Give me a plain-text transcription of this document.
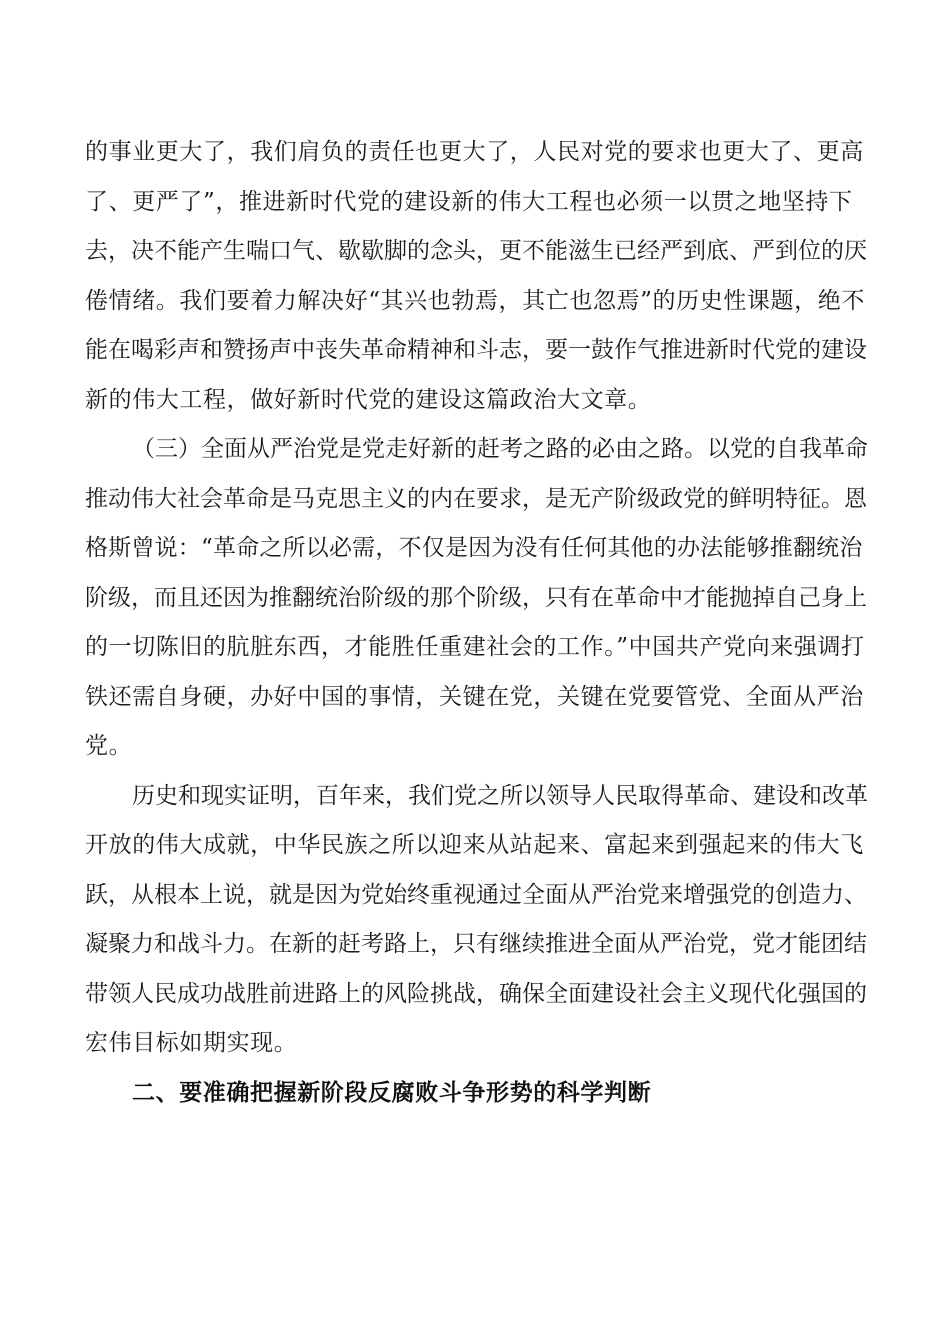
的事业更大了，我们肩负的责任也更大了，人民对党的要求也更大了、更高
了、更严了”，推进新时代党的建设新的伟大工程也必须一以贯之地坚持下
去，决不能产生喘口气、歇歇脚的念头，更不能滋生已经严到底、严到位的厌
倦情绪。我们要着力解决好“其兴也勃焉，其亡也忽焉”的历史性课题，绝不
能在喝彩声和赞扬声中丧失革命精神和斗志，要一鼓作气推进新时代党的建设
新的伟大工程，做好新时代党的建设这篇政治大文章。
（三）全面从严治党是党走好新的赶考之路的必由之路。以党的自我革命
推动伟大社会革命是马克思主义的内在要求，是无产阶级政党的鲜明特征。恩
格斯曾说：“革命之所以必需，不仅是因为没有任何其他的办法能够推翻统治
阶级，而且还因为推翻统治阶级的那个阶级，只有在革命中才能抛掉自己身上
的一切陈旧的肮脏东西，才能胜任重建社会的工作。”中国共产党向来强调打
铁还需自身硬，办好中国的事情，关键在党，关键在党要管党、全面从严治
党。
历史和现实证明，百年来，我们党之所以领导人民取得革命、建设和改革
开放的伟大成就，中华民族之所以迎来从站起来、富起来到强起来的伟大飞
跃，从根本上说，就是因为党始终重视通过全面从严治党来增强党的创造力、
凝聚力和战斗力。在新的赶考路上，只有继续推进全面从严治党，党才能团结
带领人民成功战胜前进路上的风险挑战，确保全面建设社会主义现代化强国的
宏伟目标如期实现。
二、要准确把握新阶段反腐败斗争形势的科学判断
